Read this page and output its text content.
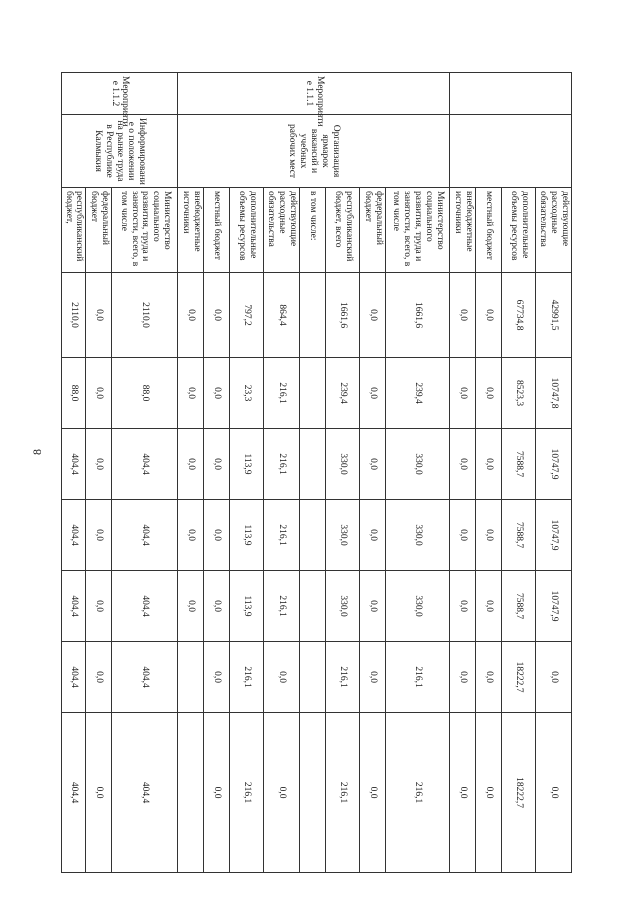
8
		действующие расходные обязательства	42991,5	10747,8	10747,9	10747,9	10747,9	0,0	0,0
		дополнительные объемы ресурсов	67734,8	8523,3	7588,7	7588,7	7588,7	18222,7	18222,7
		местный бюджет	0,0	0,0	0,0	0,0	0,0	0,0	0,0
		внебюджетные источники	0,0	0,0	0,0	0,0	0,0	0,0	0,0
Мероприяти е 1.1.1	Организация ярмарок вакансий и учебных рабочих мест	Министерство социального развития, труда и занятости, всего, в том числе	1661,6	239,4	330,0	330,0	330,0	216,1	216,1
		федеральный бюджет	0,0	0,0	0,0	0,0	0,0	0,0	0,0
		республиканский бюджет, всего	1661,6	239,4	330,0	330,0	330,0	216,1	216,1
		в том числе:							
		действующие расходные обязательства	864,4	216,1	216,1	216,1	216,1	0,0	0,0
		дополнительные объемы ресурсов	797,2	23,3	113,9	113,9	113,9	216,1	216,1
		местный бюджет	0,0	0,0	0,0	0,0	0,0	0,0	0,0
		внебюджетные источники	0,0	0,0	0,0	0,0	0,0		
Мероприяти е 1.1.2	Информировани е о положении на рынке труда в Республике Калмыкия	Министерство социального развития, труда и занятости, всего, в том числе	2110,0	88,0	404,4	404,4	404,4	404,4	404,4
		федеральный бюджет	0,0	0,0	0,0	0,0	0,0	0,0	0,0
		республиканский бюджет,	2110,0	88,0	404,4	404,4	404,4	404,4	404,4
